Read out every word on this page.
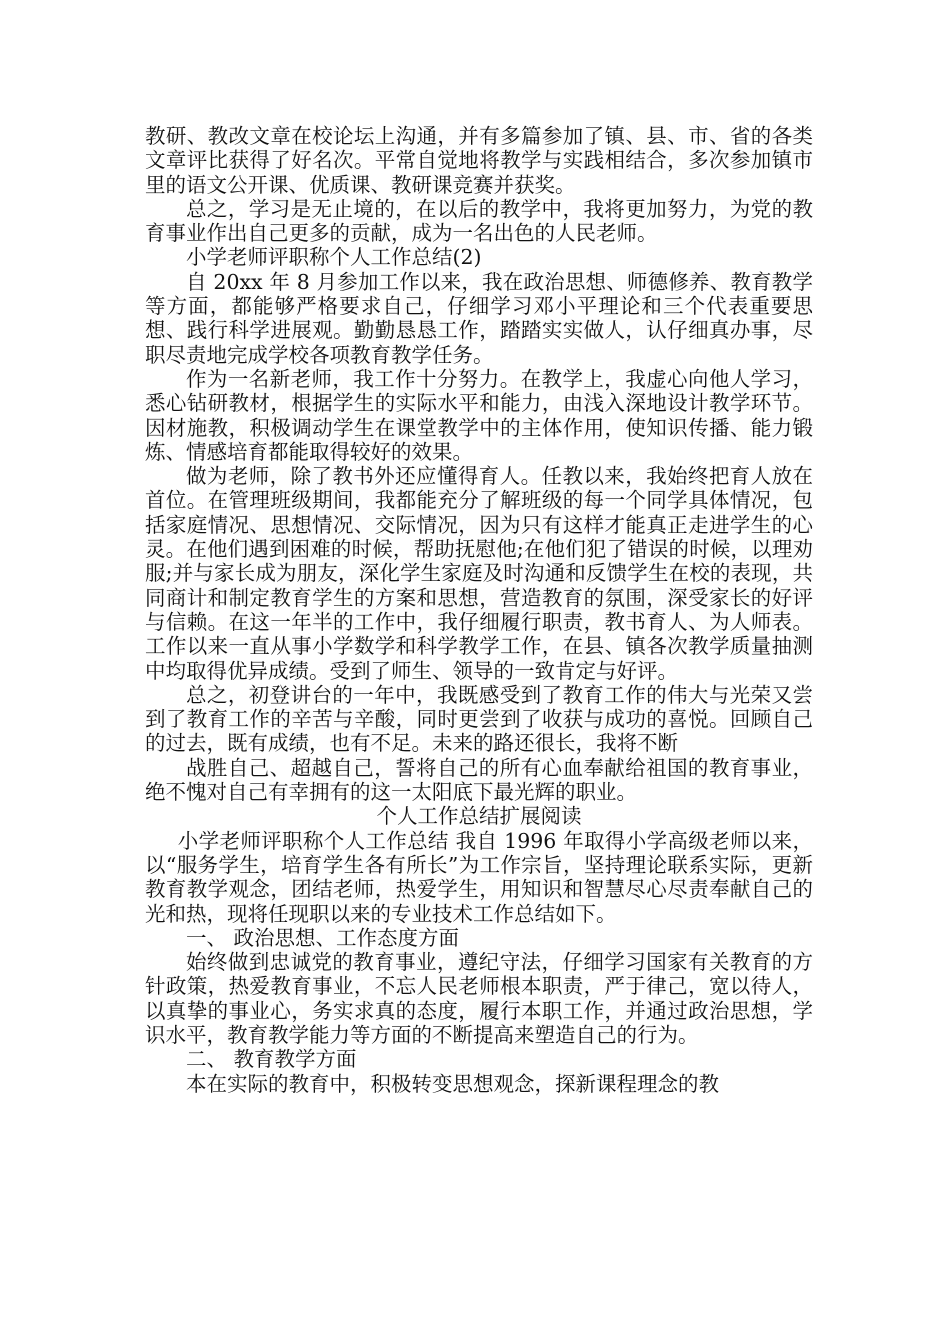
教研、教改文章在校论坛上沟通，并有多篇参加了镇、县、市、省的各类文章评比获得了好名次。平常自觉地将教学与实践相结合，多次参加镇市里的语文公开课、优质课、教研课竞赛并获奖。

总之，学习是无止境的，在以后的教学中，我将更加努力，为党的教育事业作出自己更多的贡献，成为一名出色的人民老师。

小学老师评职称个人工作总结(2)

自 20xx 年 8 月参加工作以来，我在政治思想、师德修养、教育教学等方面，都能够严格要求自己，仔细学习邓小平理论和三个代表重要思想、践行科学进展观。勤勤恳恳工作，踏踏实实做人，认仔细真办事，尽职尽责地完成学校各项教育教学任务。

作为一名新老师，我工作十分努力。在教学上，我虚心向他人学习，悉心钻研教材，根据学生的实际水平和能力，由浅入深地设计教学环节。因材施教，积极调动学生在课堂教学中的主体作用，使知识传播、能力锻炼、情感培育都能取得较好的效果。

做为老师，除了教书外还应懂得育人。任教以来，我始终把育人放在首位。在管理班级期间，我都能充分了解班级的每一个同学具体情况，包括家庭情况、思想情况、交际情况，因为只有这样才能真正走进学生的心灵。在他们遇到困难的时候，帮助抚慰他;在他们犯了错误的时候，以理劝服;并与家长成为朋友，深化学生家庭及时沟通和反馈学生在校的表现，共同商计和制定教育学生的方案和思想，营造教育的氛围，深受家长的好评与信赖。在这一年半的工作中，我仔细履行职责，教书育人、为人师表。工作以来一直从事小学数学和科学教学工作，在县、镇各次教学质量抽测中均取得优异成绩。受到了师生、领导的一致肯定与好评。

总之，初登讲台的一年中，我既感受到了教育工作的伟大与光荣又尝到了教育工作的辛苦与辛酸，同时更尝到了收获与成功的喜悦。回顾自己的过去，既有成绩，也有不足。未来的路还很长，我将不断

战胜自己、超越自己，誓将自己的所有心血奉献给祖国的教育事业，绝不愧对自己有幸拥有的这一太阳底下最光辉的职业。

个人工作总结扩展阅读

小学老师评职称个人工作总结 我自 1996 年取得小学高级老师以来，以“服务学生，培育学生各有所长”为工作宗旨，坚持理论联系实际，更新教育教学观念，团结老师，热爱学生，用知识和智慧尽心尽责奉献自己的光和热，现将任现职以来的专业技术工作总结如下。

一、 政治思想、工作态度方面

始终做到忠诚党的教育事业，遵纪守法，仔细学习国家有关教育的方针政策，热爱教育事业，不忘人民老师根本职责，严于律己，宽以待人，以真挚的事业心，务实求真的态度，履行本职工作，并通过政治思想，学识水平，教育教学能力等方面的不断提高来塑造自己的行为。

二、 教育教学方面

本在实际的教育中，积极转变思想观念，探新课程理念的教
